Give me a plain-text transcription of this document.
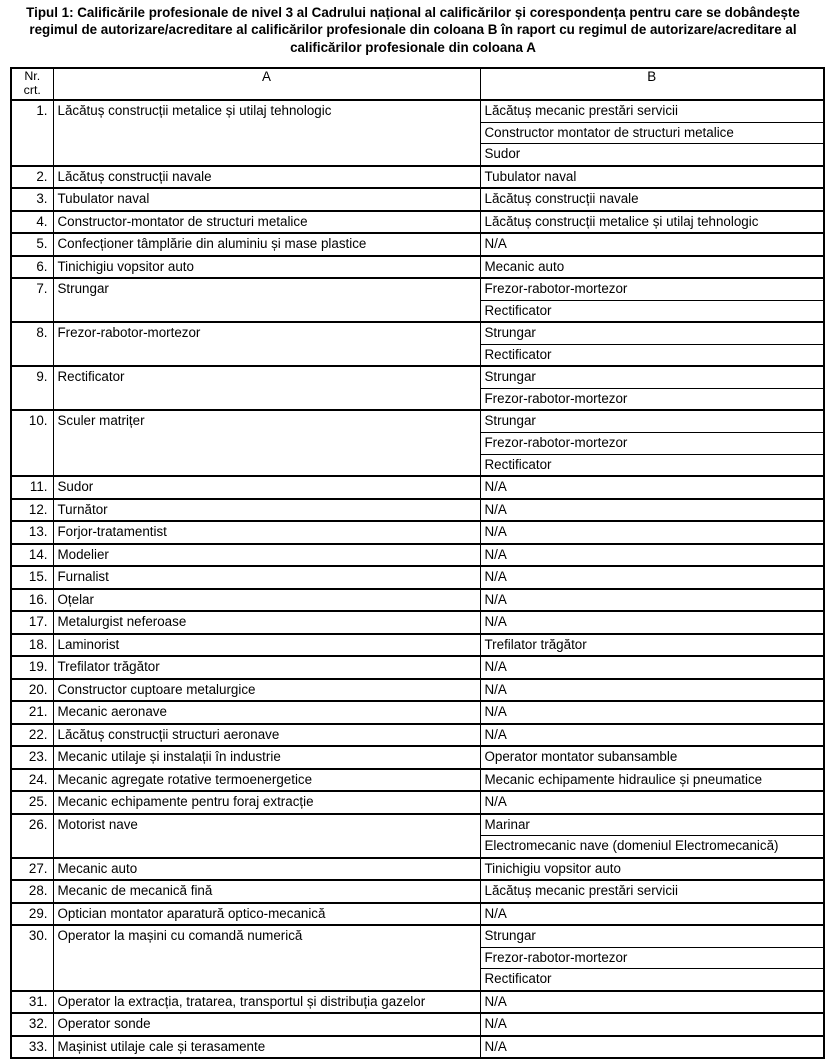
Tipul 1: Calificările profesionale de nivel 3 al Cadrului național al calificărilor și corespondența pentru care se dobândește regimul de autorizare/acreditare al calificărilor profesionale din coloana B în raport cu regimul de autorizare/acreditare al calificărilor profesionale din coloana A
Nr. crt.	A	B
1.	Lăcătuș construcții metalice și utilaj tehnologic	Lăcătuș mecanic prestări servicii
		Constructor montator de structuri metalice
		Sudor
2.	Lăcătuș construcții navale	Tubulator naval
3.	Tubulator naval	Lăcătuș construcții navale
4.	Constructor-montator de structuri metalice	Lăcătuș construcții metalice și utilaj tehnologic
5.	Confecționer tâmplărie din aluminiu și mase plastice	N/A
6.	Tinichigiu vopsitor auto	Mecanic auto
7.	Strungar	Frezor-rabotor-mortezor
		Rectificator
8.	Frezor-rabotor-mortezor	Strungar
		Rectificator
9.	Rectificator	Strungar
		Frezor-rabotor-mortezor
10.	Sculer matrițer	Strungar
		Frezor-rabotor-mortezor
		Rectificator
11.	Sudor	N/A
12.	Turnător	N/A
13.	Forjor-tratamentist	N/A
14.	Modelier	N/A
15.	Furnalist	N/A
16.	Oțelar	N/A
17.	Metalurgist neferoase	N/A
18.	Laminorist	Trefilator trăgător
19.	Trefilator trăgător	N/A
20.	Constructor cuptoare metalurgice	N/A
21.	Mecanic aeronave	N/A
22.	Lăcătuș construcții structuri aeronave	N/A
23.	Mecanic utilaje și instalații în industrie	Operator montator subansamble
24.	Mecanic agregate rotative termoenergetice	Mecanic echipamente hidraulice și pneumatice
25.	Mecanic echipamente pentru foraj extracție	N/A
26.	Motorist nave	Marinar
		Electromecanic nave (domeniul Electromecanică)
27.	Mecanic auto	Tinichigiu vopsitor auto
28.	Mecanic de mecanică fină	Lăcătuș mecanic prestări servicii
29.	Optician montator aparatură optico-mecanică	N/A
30.	Operator la mașini cu comandă numerică	Strungar
		Frezor-rabotor-mortezor
		Rectificator
31.	Operator la extracția, tratarea, transportul și distribuția gazelor	N/A
32.	Operator sonde	N/A
33.	Mașinist utilaje cale și terasamente	N/A
